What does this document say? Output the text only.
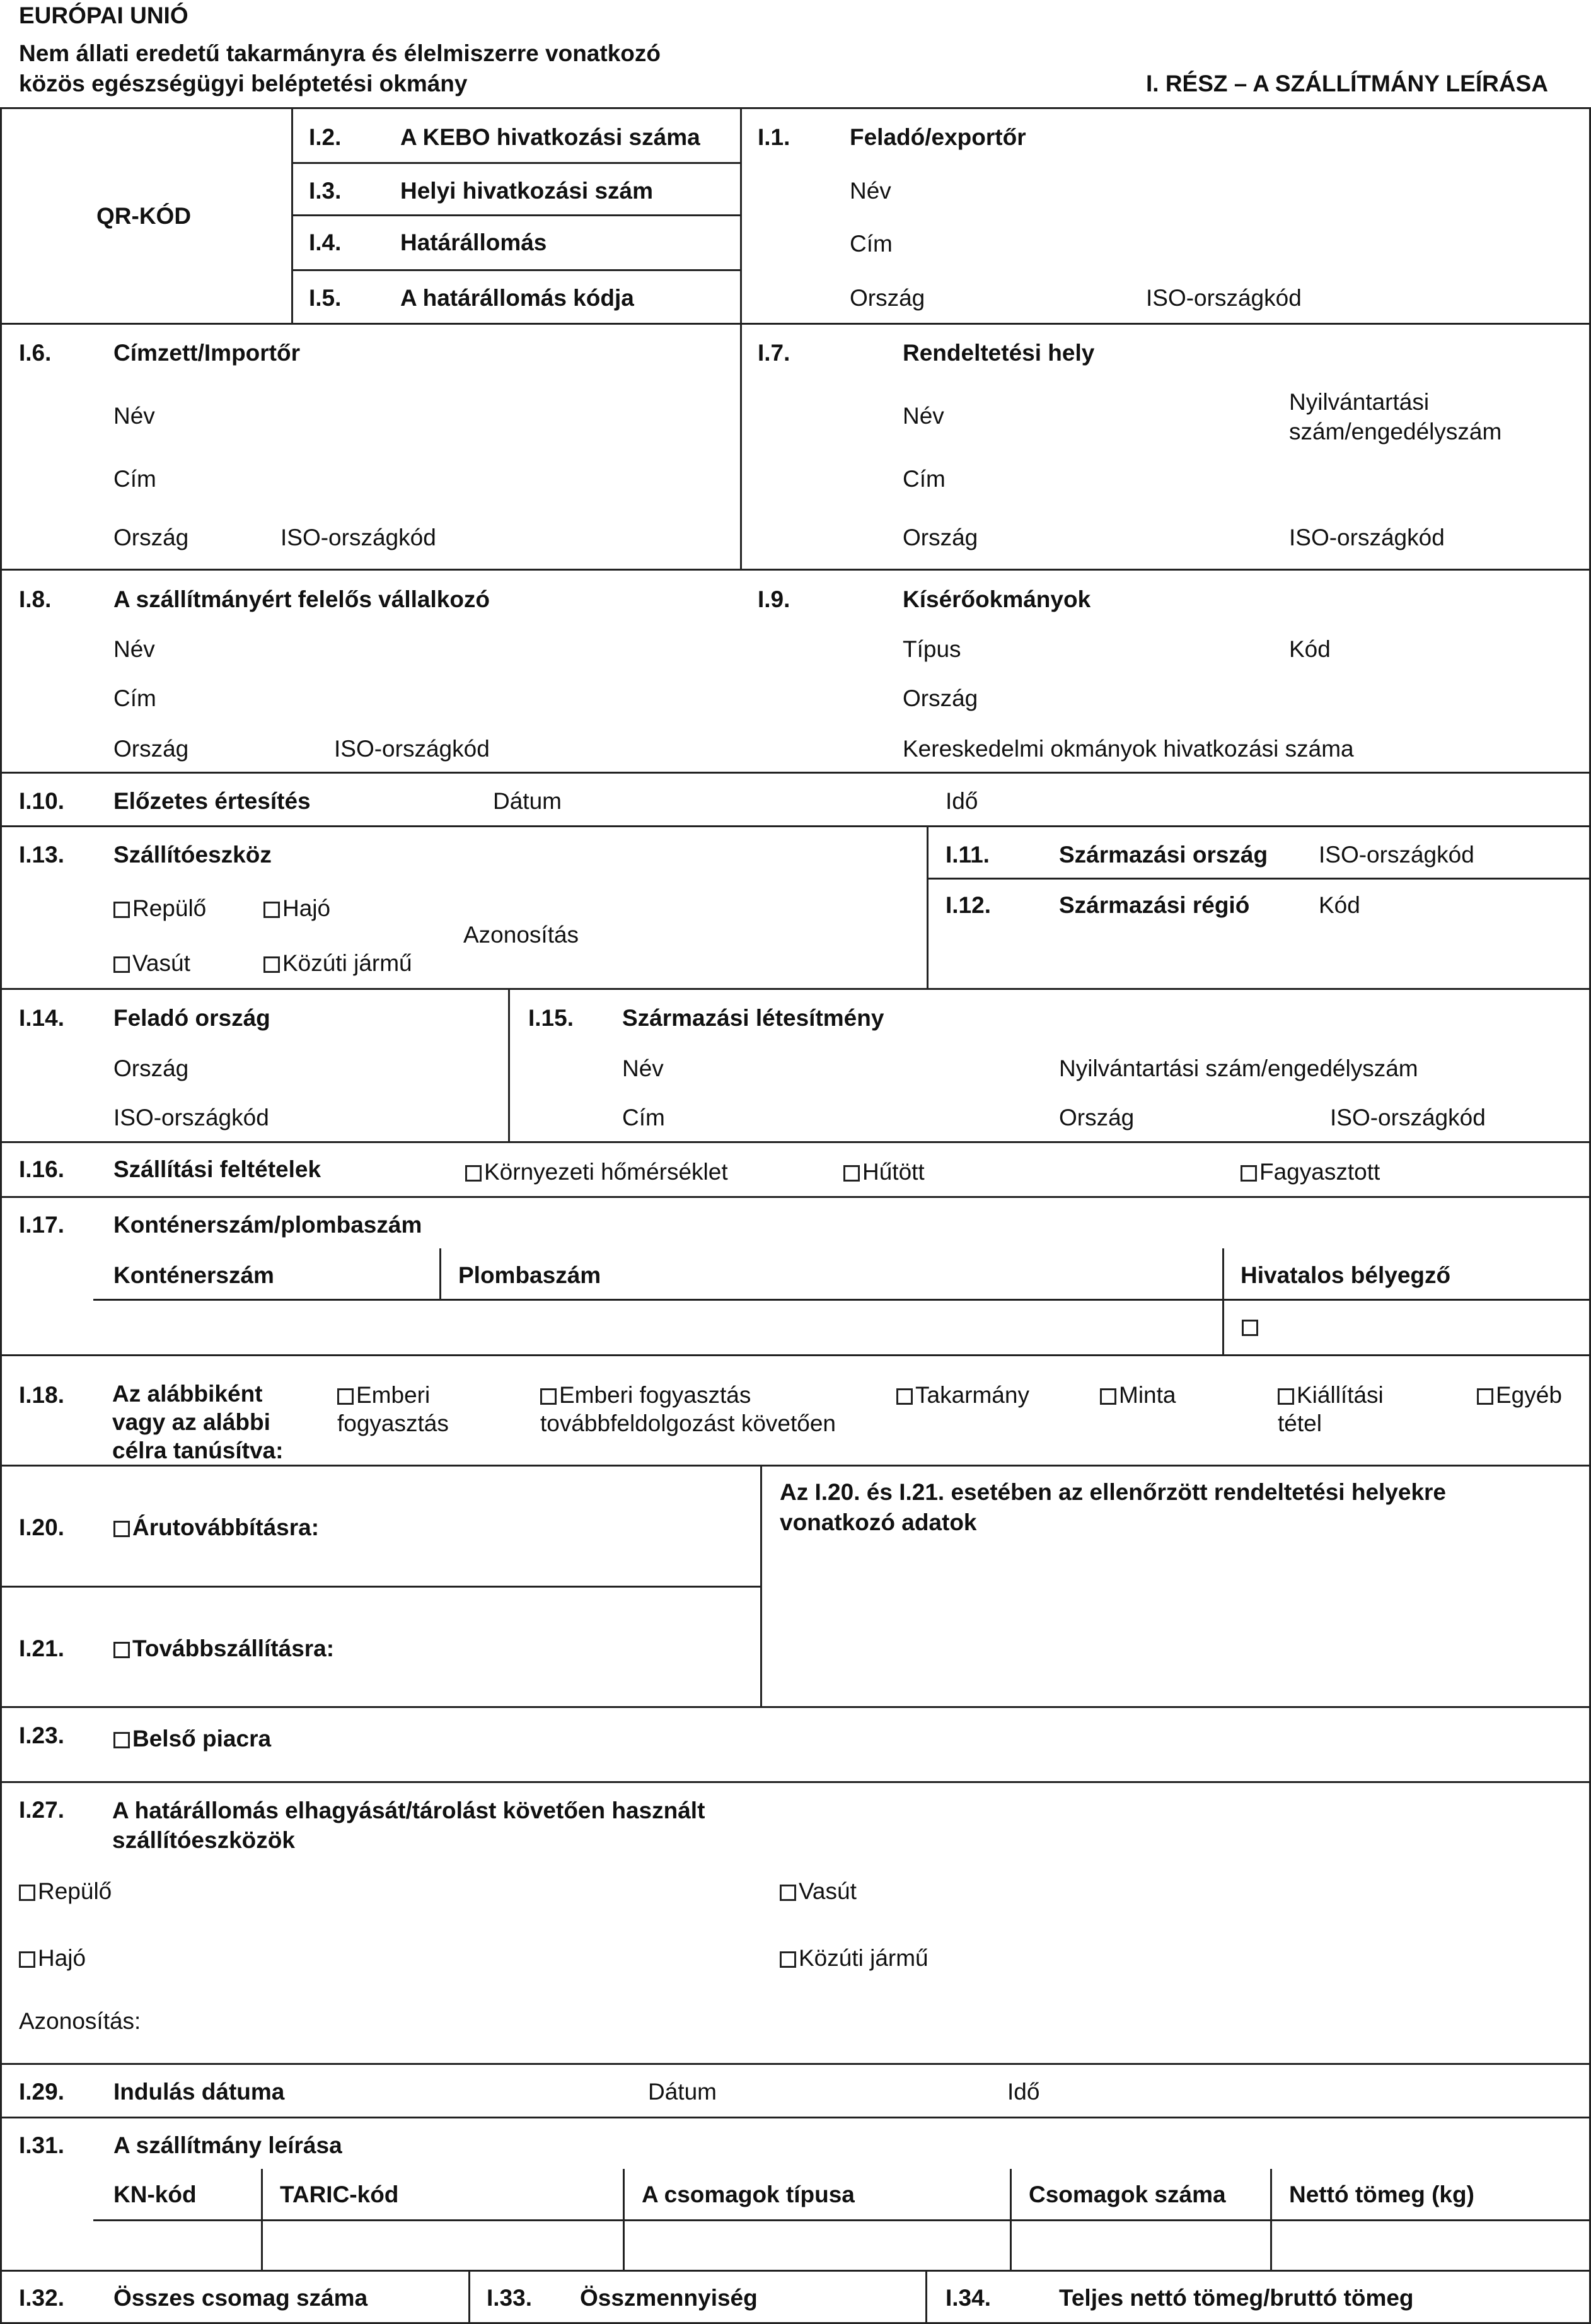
EURÓPAI UNIÓ
Nem állati eredetű takarmányra és élelmiszerre vonatkozó
közös egészségügyi beléptetési okmány	I. RÉSZ – A SZÁLLÍTMÁNY LEÍRÁSA
QR-KÓD
I.2.	A KEBO hivatkozási száma
I.3.	Helyi hivatkozási szám
I.4.	Határállomás
I.5.	A határállomás kódja
I.1.	Feladó/exportőr
Név
Cím
Ország	ISO-országkód
I.6.	Címzett/Importőr
Név
Cím
Ország	ISO-országkód
I.7.	Rendeltetési hely
Név
Nyilvántartási
szám/engedélyszám
Cím
Ország	ISO-országkód
I.8.	A szállítmányért felelős vállalkozó
Név
Cím
Ország	ISO-országkód
I.9.	Kísérőokmányok
Típus	Kód
Ország
Kereskedelmi okmányok hivatkozási száma
I.10. Előzetes értesítés	Dátum	Idő
I.13. Szállítóeszköz
Repülő	Hajó
Vasút	Közúti jármű
Azonosítás
I.11.	Származási ország ISO-országkód
I.12.	Származási régió	Kód
I.14. Feladó ország
Ország
ISO-országkód
I.15. Származási létesítmény
Név	Nyilvántartási szám/engedélyszám
Cím	Ország	ISO-országkód
I.16. Szállítási feltételek	Környezeti hőmérséklet	Hűtött	Fagyasztott
I.17. Konténerszám/plombaszám
Konténerszám	Plombaszám	Hivatalos bélyegző
I.18. Az alábbiként
vagy az alábbi
célra tanúsítva:
Emberi
fogyasztás
Emberi fogyasztás
továbbfeldolgozást követően
Takarmány	Minta	Kiállítási
tétel
Egyéb
I.20.	Árutovábbításra:
I.21.	Továbbszállításra:
Az I.20. és I.21. esetében az ellenőrzött rendeltetési helyekre
vonatkozó adatok
I.23.	Belső piacra
I.27. A határállomás elhagyását/tárolást követően használt
szállítóeszközök
Repülő	Vasút
Hajó	Közúti jármű
Azonosítás:
I.29. Indulás dátuma	Dátum	Idő
I.31. A szállítmány leírása
KN-kód	TARIC-kód	A csomagok típusa	Csomagok száma	Nettó tömeg (kg)
I.32. Összes csomag száma	I.33. Összmennyiség	I.34.	Teljes nettó tömeg/bruttó tömeg
